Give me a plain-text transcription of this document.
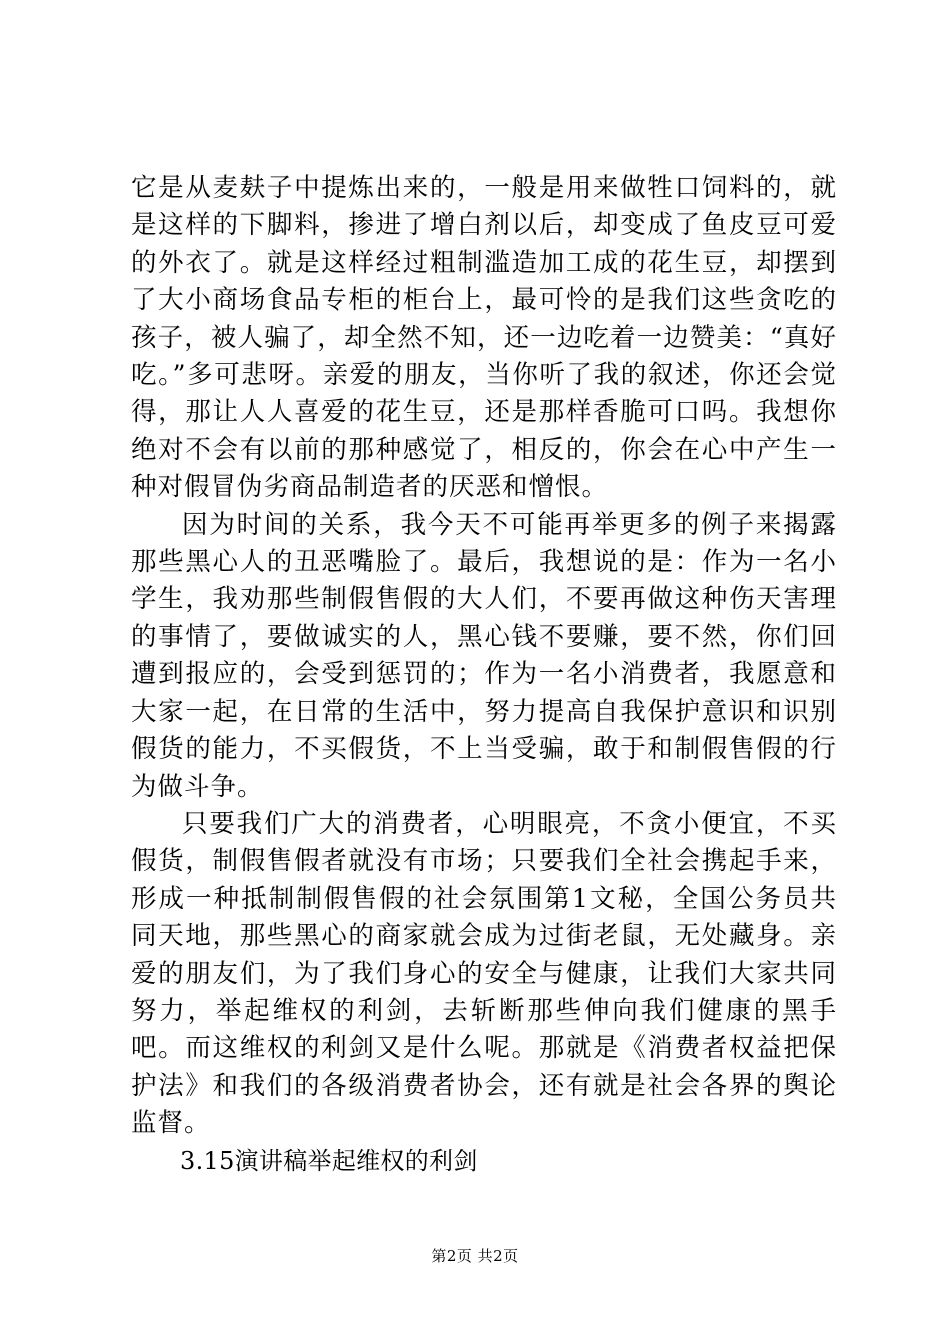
它是从麦麸子中提炼出来的，一般是用来做牲口饲料的，就是这样的下脚料，掺进了增白剂以后，却变成了鱼皮豆可爱的外衣了。就是这样经过粗制滥造加工成的花生豆，却摆到了大小商场食品专柜的柜台上，最可怜的是我们这些贪吃的孩子，被人骗了，却全然不知，还一边吃着一边赞美：“真好吃。”多可悲呀。亲爱的朋友，当你听了我的叙述，你还会觉得，那让人人喜爱的花生豆，还是那样香脆可口吗。我想你绝对不会有以前的那种感觉了，相反的，你会在心中产生一种对假冒伪劣商品制造者的厌恶和憎恨。

因为时间的关系，我今天不可能再举更多的例子来揭露那些黑心人的丑恶嘴脸了。最后，我想说的是：作为一名小学生，我劝那些制假售假的大人们，不要再做这种伤天害理的事情了，要做诚实的人，黑心钱不要赚，要不然，你们回遭到报应的，会受到惩罚的；作为一名小消费者，我愿意和大家一起，在日常的生活中，努力提高自我保护意识和识别假货的能力，不买假货，不上当受骗，敢于和制假售假的行为做斗争。

只要我们广大的消费者，心明眼亮，不贪小便宜，不买假货，制假售假者就没有市场；只要我们全社会携起手来，形成一种抵制制假售假的社会氛围第1文秘，全国公务员共同天地，那些黑心的商家就会成为过街老鼠，无处藏身。亲爱的朋友们，为了我们身心的安全与健康，让我们大家共同努力，举起维权的利剑，去斩断那些伸向我们健康的黑手吧。而这维权的利剑又是什么呢。那就是《消费者权益把保护法》和我们的各级消费者协会，还有就是社会各界的舆论监督。

3.15演讲稿举起维权的利剑

第2页 共2页
